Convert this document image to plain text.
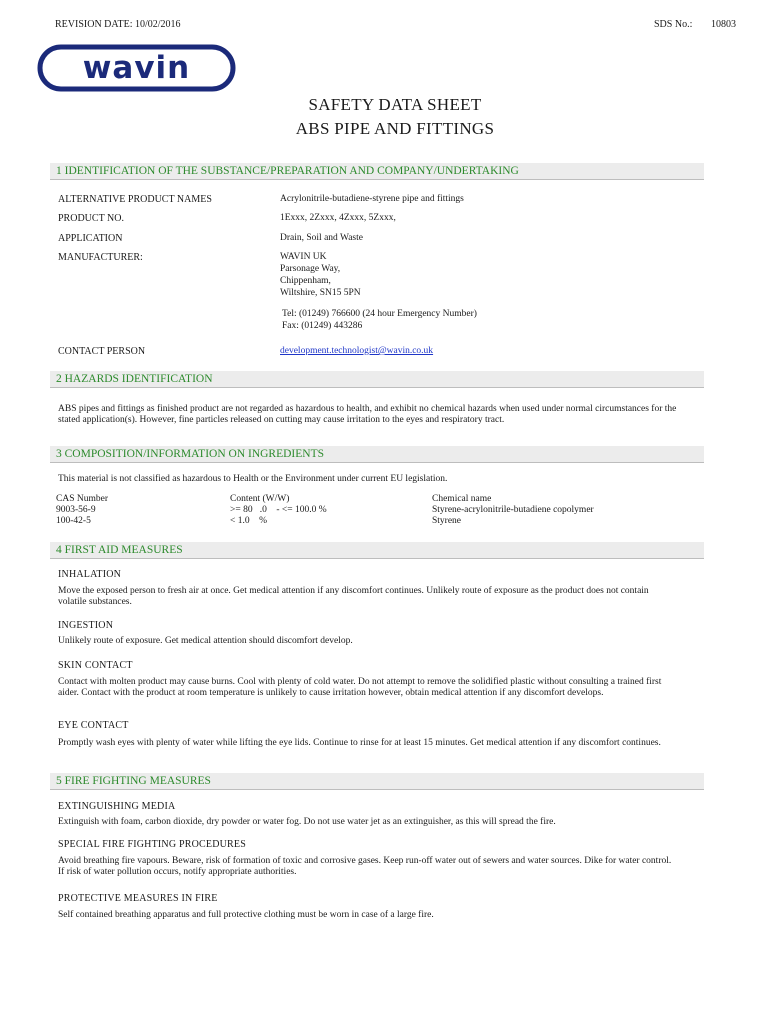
REVISION DATE: 10/02/2016	SDS No.: 10803
wavin
SAFETY DATA SHEET
ABS PIPE AND FITTINGS
1 IDENTIFICATION OF THE SUBSTANCE/PREPARATION AND COMPANY/UNDERTAKING
ALTERNATIVE PRODUCT NAMES	Acrylonitrile-butadiene-styrene pipe and fittings
PRODUCT NO.	1Exxx, 2Zxxx, 4Zxxx, 5Zxxx,
APPLICATION	Drain, Soil and Waste
MANUFACTURER:	WAVIN UK
Parsonage Way,
Chippenham,
Wiltshire, SN15 5PN
Tel: (01249) 766600 (24 hour Emergency Number)
Fax: (01249) 443286
CONTACT PERSON	development.technologist@wavin.co.uk
2 HAZARDS IDENTIFICATION
ABS pipes and fittings as finished product are not regarded as hazardous to health, and exhibit no chemical hazards when used under normal circumstances for the stated application(s). However, fine particles released on cutting may cause irritation to the eyes and respiratory tract.
3 COMPOSITION/INFORMATION ON INGREDIENTS
This material is not classified as hazardous to Health or the Environment under current EU legislation.
CAS Number	Content (W/W)	Chemical name
9003-56-9	>= 80   .0    - <= 100.0 %	Styrene-acrylonitrile-butadiene copolymer
100-42-5	< 1.0    %	Styrene
4 FIRST AID MEASURES
INHALATION
Move the exposed person to fresh air at once. Get medical attention if any discomfort continues. Unlikely route of exposure as the product does not contain volatile substances.
INGESTION
Unlikely route of exposure. Get medical attention should discomfort develop.
SKIN CONTACT
Contact with molten product may cause burns. Cool with plenty of cold water. Do not attempt to remove the solidified plastic without consulting a trained first aider. Contact with the product at room temperature is unlikely to cause irritation however, obtain medical attention if any discomfort develops.
EYE CONTACT
Promptly wash eyes with plenty of water while lifting the eye lids. Continue to rinse for at least 15 minutes. Get medical attention if any discomfort continues.
5 FIRE FIGHTING MEASURES
EXTINGUISHING MEDIA
Extinguish with foam, carbon dioxide, dry powder or water fog. Do not use water jet as an extinguisher, as this will spread the fire.
SPECIAL FIRE FIGHTING PROCEDURES
Avoid breathing fire vapours. Beware, risk of formation of toxic and corrosive gases. Keep run-off water out of sewers and water sources. Dike for water control. If risk of water pollution occurs, notify appropriate authorities.
PROTECTIVE MEASURES IN FIRE
Self contained breathing apparatus and full protective clothing must be worn in case of a large fire.
